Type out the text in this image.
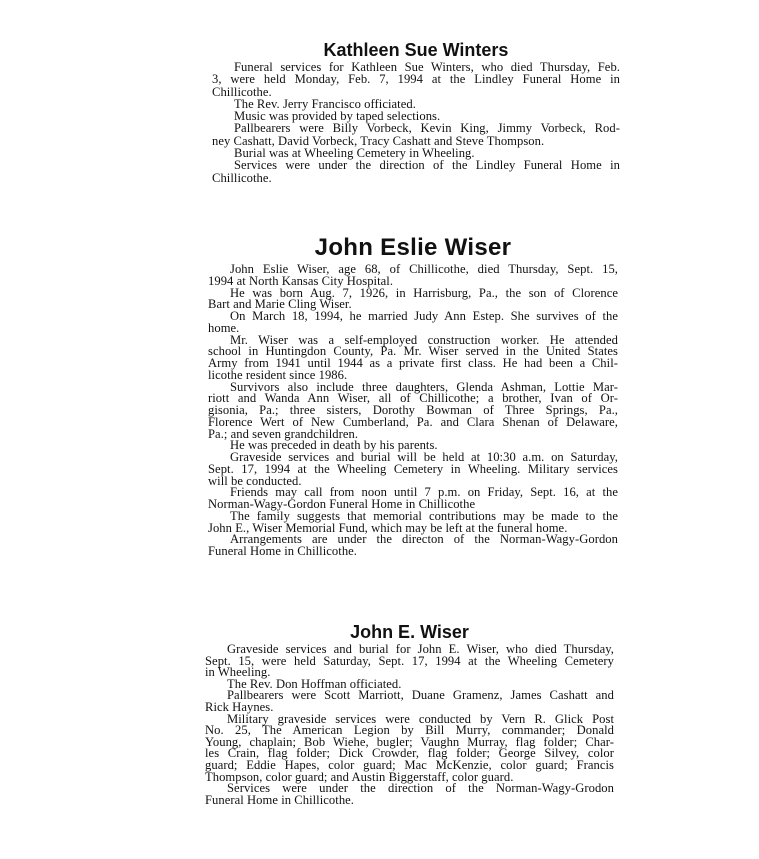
Kathleen Sue Winters
Funeral services for Kathleen Sue Winters, who died Thursday, Feb.
3, were held Monday, Feb. 7, 1994 at the Lindley Funeral Home in
Chillicothe.
The Rev. Jerry Francisco officiated.
Music was provided by taped selections.
Pallbearers were Billy Vorbeck, Kevin King, Jimmy Vorbeck, Rod-
ney Cashatt, David Vorbeck, Tracy Cashatt and Steve Thompson.
Burial was at Wheeling Cemetery in Wheeling.
Services were under the direction of the Lindley Funeral Home in
Chillicothe.
John Eslie Wiser
John Eslie Wiser, age 68, of Chillicothe, died Thursday, Sept. 15,
1994 at North Kansas City Hospital.
He was born Aug. 7, 1926, in Harrisburg, Pa., the son of Clorence
Bart and Marie Cling Wiser.
On March 18, 1994, he married Judy Ann Estep. She survives of the
home.
Mr. Wiser was a self-employed construction worker. He attended
school in Huntingdon County, Pa. Mr. Wiser served in the United States
Army from 1941 until 1944 as a private first class. He had been a Chil-
licothe resident since 1986.
Survivors also include three daughters, Glenda Ashman, Lottie Mar-
riott and Wanda Ann Wiser, all of Chillicothe; a brother, Ivan of Or-
gisonia, Pa.; three sisters, Dorothy Bowman of Three Springs, Pa.,
Florence Wert of New Cumberland, Pa. and Clara Shenan of Delaware,
Pa.; and seven grandchildren.
He was preceded in death by his parents.
Graveside services and burial will be held at 10:30 a.m. on Saturday,
Sept. 17, 1994 at the Wheeling Cemetery in Wheeling. Military services
will be conducted.
Friends may call from noon until 7 p.m. on Friday, Sept. 16, at the
Norman-Wagy-Gordon Funeral Home in Chillicothe
The family suggests that memorial contributions may be made to the
John E., Wiser Memorial Fund, which may be left at the funeral home.
Arrangements are under the directon of the Norman-Wagy-Gordon
Funeral Home in Chillicothe.
John E. Wiser
Graveside services and burial for John E. Wiser, who died Thursday,
Sept. 15, were held Saturday, Sept. 17, 1994 at the Wheeling Cemetery
in Wheeling.
The Rev. Don Hoffman officiated.
Pallbearers were Scott Marriott, Duane Gramenz, James Cashatt and
Rick Haynes.
Military graveside services were conducted by Vern R. Glick Post
No. 25, The American Legion by Bill Murry, commander; Donald
Young, chaplain; Bob Wiehe, bugler; Vaughn Murray, flag folder; Char-
les Crain, flag folder; Dick Crowder, flag folder; George Silvey, color
guard; Eddie Hapes, color guard; Mac McKenzie, color guard; Francis
Thompson, color guard; and Austin Biggerstaff, color guard.
Services were under the direction of the Norman-Wagy-Grodon
Funeral Home in Chillicothe.
